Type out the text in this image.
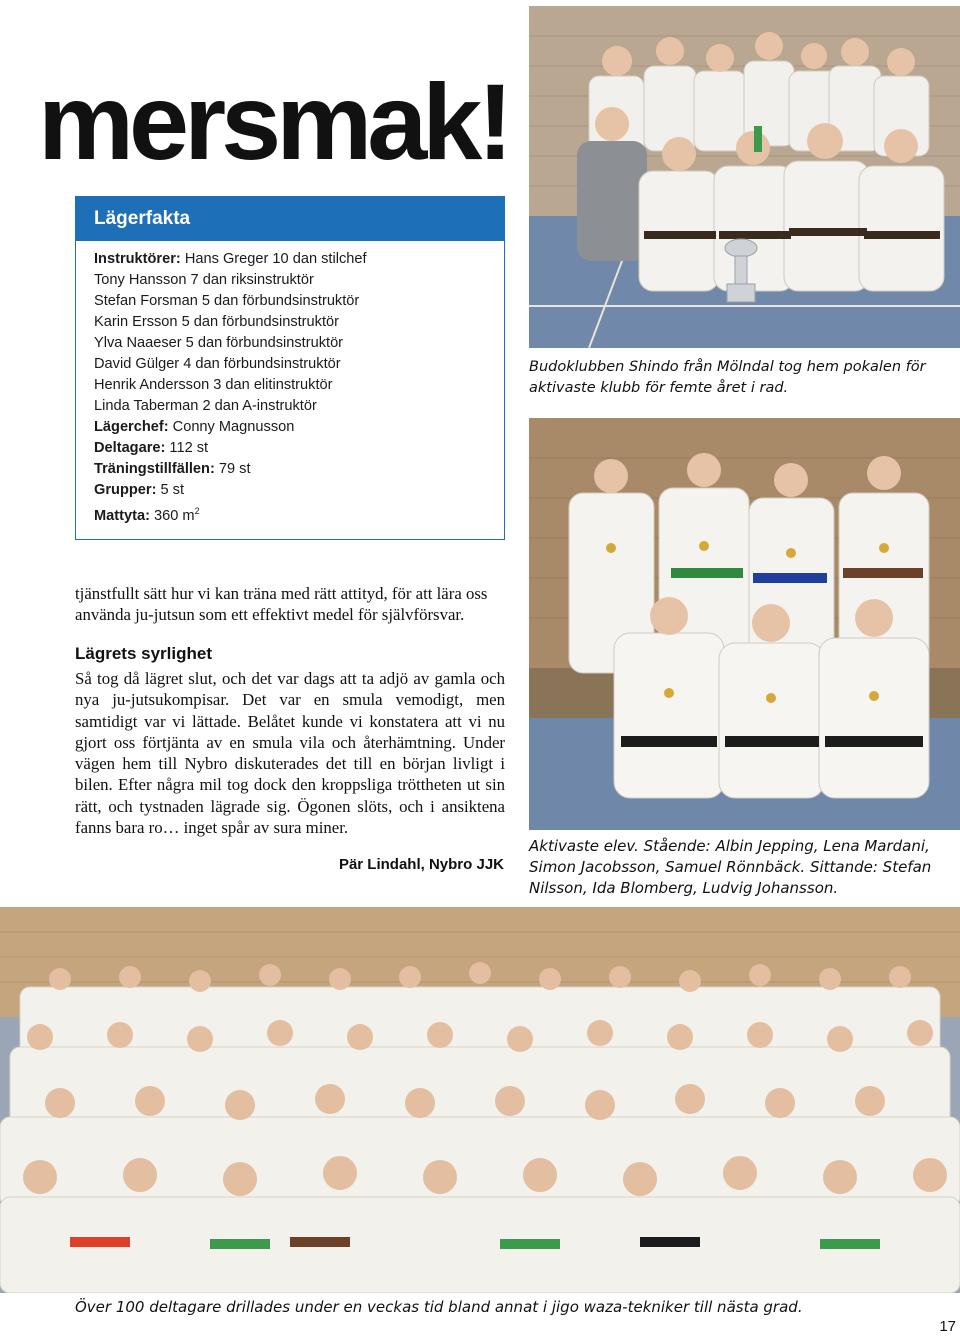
mersmak!
Lägerfakta
Instruktörer: Hans Greger 10 dan stilchef
Tony Hansson 7 dan riksinstruktör
Stefan Forsman 5 dan förbundsinstruktör
Karin Ersson 5 dan förbundsinstruktör
Ylva Naaeser 5 dan förbundsinstruktör
David Gülger 4 dan förbundsinstruktör
Henrik Andersson 3 dan elitinstruktör
Linda Taberman 2 dan A-instruktör
Lägerchef: Conny Magnusson
Deltagare: 112 st
Träningstillfällen: 79 st
Grupper: 5 st
Mattyta: 360 $m^2$
Budoklubben Shindo från Mölndal tog hem pokalen för aktivaste klubb för femte året i rad.
tjänstfullt sätt hur vi kan träna med rätt attityd, för att lära oss använda ju-jutsun som ett effektivt medel för självförsvar.
Lägrets syrlighet
Så tog då lägret slut, och det var dags att ta adjö av gamla och nya ju-jutsukompisar. Det var en smula vemodigt, men samtidigt var vi lättade. Belåtet kunde vi konstatera att vi nu gjort oss förtjänta av en smula vila och återhämtning. Under vägen hem till Nybro diskuterades det till en början livligt i bilen. Efter några mil tog dock den kroppsliga tröttheten ut sin rätt, och tystnaden lägrade sig. Ögonen slöts, och i ansiktena fanns bara ro… inget spår av sura miner.
Pär Lindahl, Nybro JJK
Aktivaste elev. Stående: Albin Jepping, Lena Mardani, Simon Jacobsson, Samuel Rönnbäck. Sittande: Stefan Nilsson, Ida Blomberg, Ludvig Johansson.
Över 100 deltagare drillades under en veckas tid bland annat i jigo waza-tekniker till nästa grad.
17
